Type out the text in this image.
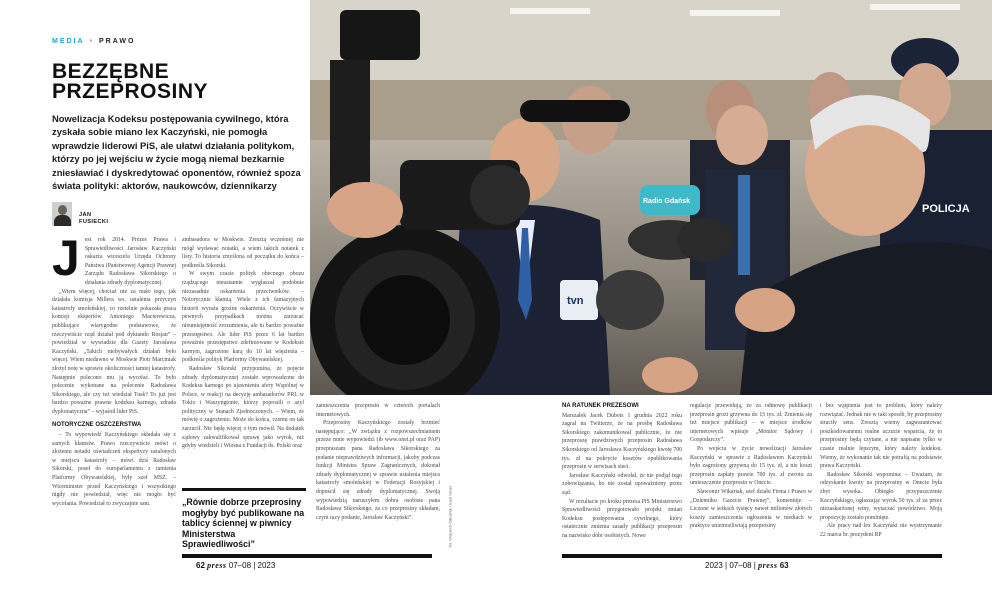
POLICJA
tvn
Radio Gdańsk
MEDIA • PRAWO
BEZZĘBNE
PRZEPROSINY
Nowelizacja Kodeksu postępowania cywilnego, która zyskała sobie miano lex Kaczyński, nie pomogła wprawdzie liderowi PiS, ale ułatwi działania politykom, którzy po jej wejściu w życie mogą niemal bezkarnie zniesławiać i dyskredytować oponentów, również spoza świata polityki: aktorów, naukowców, dziennikarzy
JAN
FUSIECKI

Jest rok 2014. Prezes Prawa i Sprawiedliwości Jarosław Kaczyński oskarża wiceszefa Urzędu Ochrony Państwa (Państwowej Agencji Prawnej Zarządu Radosława Sikorskiego o działania zdrady dyplomatycznej.

„Wiem więcej, chociaż nie za mało tego, jak działała komisja Millera ws. ustalenia przyczyn katastrofy smoleńskiej, co rzetelnie pokazała praca komisji ekspertów Antoniego Macierewicza, publikujące wiarygodne podstawowe, że rzeczywiście rząd działał pod dyktando Rosjan” – powiedział w wywiadzie dla Gazety Jarosława Kaczyński. „Takich niebywałych działań było więcej. Wiem niedawno w Moskwie Piotr Marciniak złożył notę w sprawie okoliczności tamtej katastrofy. Następnie polecono mu ją wycofać. To było polecenie wykonane na polecenie Radosława Sikorskiego, ale czy też wiedział Tusk? To już jest bardzo poważne prawne kodeksu karnego, zdrada dyplomatyczna” – wyjaśnił lider PiS.

NOTORYCZNE OSZCZERSTWA

– To wypowiedź Kaczyńskiego składała się z samych kłamstw. Prawo rzeczywiście mówi o złożeniu notatki oświadczeń ekspertyzy ustalonych w miejscu katastrofy – mówi dziś Radosław Sikorski, poseł do europarlamentu z ramienia Platformy Obywatelskiej, były szef MSZ. – Wiceminister przed Kaczyńskiego i wszystkiego nigdy nie powiedział, więc nie mogło być wycofania. Powiedział to zwyczajnie sam.

ambasadora w Moskwie. Zresztą wcześniej nie mógł wydawać notatki, a wiem takich notatek z listy. To historia zmyślona od początku do końca – podkreśla Sikorski.

W swym czasie polityk obecnego obozu rządzącego nieustannie wygłaszał podobnie niezasadnie oskarżenia przeciwników. – Notorycznie kłamią. Wiele z ich fantazyjnych historii wyraża groźne oskarżenia. Oczywiście w pewnych przypadkach można zarzucać nieumiejętność zrozumienia, ale tu bardzo poważne przestępstwo. Ale lider PiS przez 6 lat bardzo poważnie przestępstwo zdefiniowane w Kodeksie karnym, zagrożone karą do 10 lat więzienia – podkreśla polityk Platformy Obywatelskiej.

Radosław Sikorski przypomina, że pojęcie zdrady dyplomatycznej zostało wprowadzone do Kodeksu karnego po ujawnieniu afery Wspólnej w Polsce, w reakcji na decyzję ambasadorów PRL w Tokio i Waszyngtonie, którzy poprosili o azyl polityczny w Stanach Zjednoczonych. – Wiem, że mówię o zagrożeniu. Może do końca, czemu on tak zarzucił. Nie będę więcej o tym mówił. Na dodatek sądowy zakwalifikował sprawę jako wyrok, niż gdyby wiedzieli i Wiosna z Fundacji ds. Polski oraz

„Równie dobrze przeprosiny mogłyby być publikowane na tablicy ściennej w piwnicy Ministerstwa Sprawiedliwości”

zamieszczenia przeprosin w czterech portalach internetowych.

Przeprosiny Kaczyńskiego zostały brzmieć następująco: „W związku z rozpowszechnianiem przeze mnie wypowiedzi (ib www.onet.pl oraz PAP) przepraszam pana Radosława Sikorskiego za podanie nieprawdziwych informacji, jakoby podczas funkcji Ministra Spraw Zagranicznych, dokonał zdrady dyplomatycznej w sprawie ustalenia miejsca katastrofy smoleńskiej w Federacji Rosyjskiej i dopuścił się zdrady dyplomatycznej. Swoją wypowiedzią naruszyłem dobra osobiste pana Radosława Sikorskiego, za co przeprosiny składam, czyni razy podanie, Jarosław Kaczyński”.	fot. Wojciech Olkuśnik / East News

NA RATUNEK PREZESOWI

Marszałek Jacek Dubois 1 grudnia 2022 roku zagrał na Twitterze, że na prośbę Radosława Sikorskiego zakomunikował publicznie, że nie przeproszę prawdziwych przeprosin Radosława Sikorskiego od Jarosława Kaczyńskiego kwotę 700 tys. zł na pokrycie kosztów opublikowania przeprosin w serwisach sieci.

Jarosław Kaczyński odwołał, że nie podjął tego zobowiązania, bo nie został upoważniony przez sąd.

W rezultacie po kroku prezesa PiS Ministerstwo Sprawiedliwości przygotowało projekt zmian Kodeksu postępowania cywilnego, który ostatecznie zmienia zasady publikacji przeprosin na nazwisko dóbr osobistych. Nowe

regulacje przewidują, że za odmowę publikacji przeprosin grozi grzywna do 15 tys. zł. Zmienia się też miejsce publikacji – w miejsce środków internetowych wpisuje „Monitor Sądowy i Gospodarczy”.

Po wejściu w życie nowelizacji Jarosław Kaczyński w sprawie z Radosławem Kaczyński było zagrożony grzywną do 15 tys. zł, a nie koszt przeprosin zapłaty prawie 700 tys. zł zwrotu za umieszczenie przeprosin w Onecie.

Sławomir Wikariak, szef działu Firma i Prawo w „Dzienniku Gazecie Prawnej”, komentuje: – Liczone w setkach tysięcy nawet milionów złotych koszty zamieszczenia ogłoszenia w mediach w praktyce uniemożliwiają przeprosiny

i bez wątpienia jest to problem, który należy rozwiązać. Jednak nie w taki sposób, by przeprosiny straciły sens. Zresztą wiemy zagwarantować poszkodowanemu realne uczucie wsparcia, że to przeprosiny będą czytane, a nie napisane tylko w czasie realnie lepszym, który należy kodeksu. Wiemy, że wykonanie tak nie potrafią na podstawie prawa Kaczyński.

Radosław Sikorski wspomina: – Uważam, że odzyskanie kwoty na przeprosiny w Onecie była zbyt wysoka. Obiegło przypuszczenie Kaczyńskiego, ogłaszając wyrok 50 tys. zł za przez niezaskarżonej winy, wytaczać powództwo. Moją propozycję zostało pominięte.

Ale pracy nad lex Kaczyński nie wystrzymanie 22 marca br. prezydent RP

62 press 07–08 | 2023	2023 | 07–08 | press 63
